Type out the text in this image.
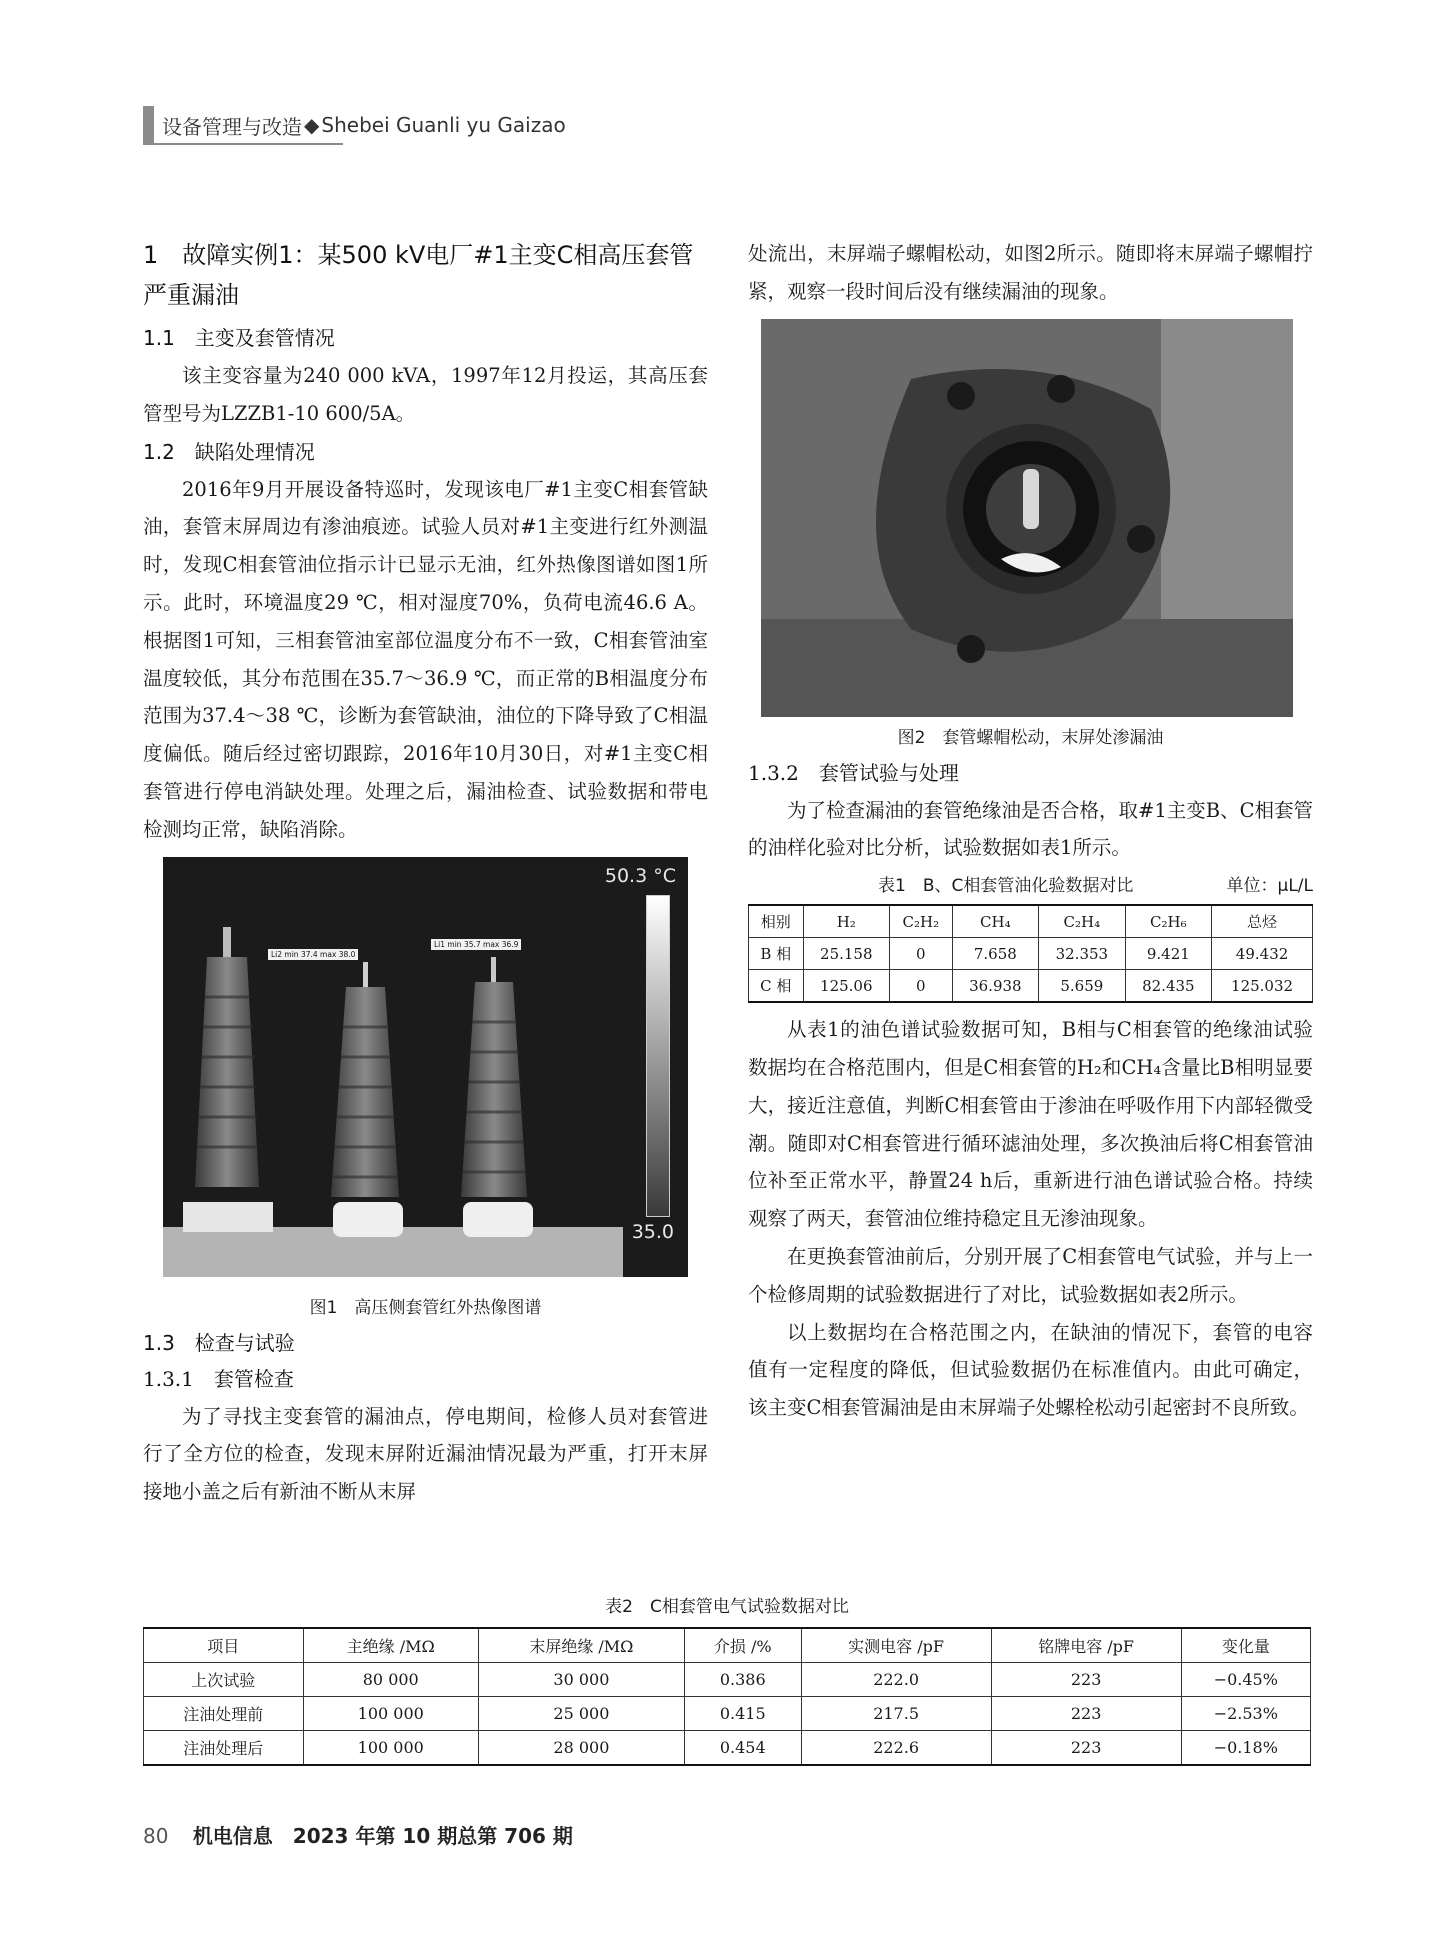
设备管理与改造 ◆ Shebei Guanli yu Gaizao
1　故障实例1：某500 kV电厂#1主变C相高压套管严重漏油
1.1　主变及套管情况

该主变容量为240 000 kVA，1997年12月投运，其高压套管型号为LZZB1-10 600/5A。

1.2　缺陷处理情况

2016年9月开展设备特巡时，发现该电厂#1主变C相套管缺油，套管末屏周边有渗油痕迹。试验人员对#1主变进行红外测温时，发现C相套管油位指示计已显示无油，红外热像图谱如图1所示。此时，环境温度29 ℃，相对湿度70%，负荷电流46.6 A。根据图1可知，三相套管油室部位温度分布不一致，C相套管油室温度较低，其分布范围在35.7～36.9 ℃，而正常的B相温度分布范围为37.4～38 ℃，诊断为套管缺油，油位的下降导致了C相温度偏低。随后经过密切跟踪，2016年10月30日，对#1主变C相套管进行停电消缺处理。处理之后，漏油检查、试验数据和带电检测均正常，缺陷消除。

50.3 °C
35.0
Li2 min 37.4 max 38.0
Li1 min 35.7 max 36.9
图1　高压侧套管红外热像图谱
1.3　检查与试验
1.3.1　套管检查

为了寻找主变套管的漏油点，停电期间，检修人员对套管进行了全方位的检查，发现末屏附近漏油情况最为严重，打开末屏接地小盖之后有新油不断从末屏

处流出，末屏端子螺帽松动，如图2所示。随即将末屏端子螺帽拧紧，观察一段时间后没有继续漏油的现象。

图2　套管螺帽松动，末屏处渗漏油
1.3.2　套管试验与处理

为了检查漏油的套管绝缘油是否合格，取#1主变B、C相套管的油样化验对比分析，试验数据如表1所示。

表1　B、C相套管油化验数据对比	单位：μL/L
相别	H₂	C₂H₂	CH₄	C₂H₄	C₂H₆	总烃
B 相	25.158	0	7.658	32.353	9.421	49.432
C 相	125.06	0	36.938	5.659	82.435	125.032

从表1的油色谱试验数据可知，B相与C相套管的绝缘油试验数据均在合格范围内，但是C相套管的H₂和CH₄含量比B相明显要大，接近注意值，判断C相套管由于渗油在呼吸作用下内部轻微受潮。随即对C相套管进行循环滤油处理，多次换油后将C相套管油位补至正常水平，静置24 h后，重新进行油色谱试验合格。持续观察了两天，套管油位维持稳定且无渗油现象。

在更换套管油前后，分别开展了C相套管电气试验，并与上一个检修周期的试验数据进行了对比，试验数据如表2所示。

以上数据均在合格范围之内，在缺油的情况下，套管的电容值有一定程度的降低，但试验数据仍在标准值内。由此可确定，该主变C相套管漏油是由末屏端子处螺栓松动引起密封不良所致。

表2　C相套管电气试验数据对比
项目	主绝缘 /MΩ	末屏绝缘 /MΩ	介损 /%	实测电容 /pF	铭牌电容 /pF	变化量
上次试验	80 000	30 000	0.386	222.0	223	−0.45%
注油处理前	100 000	25 000	0.415	217.5	223	−2.53%
注油处理后	100 000	28 000	0.454	222.6	223	−0.18%
80 机电信息　2023 年第 10 期总第 706 期
